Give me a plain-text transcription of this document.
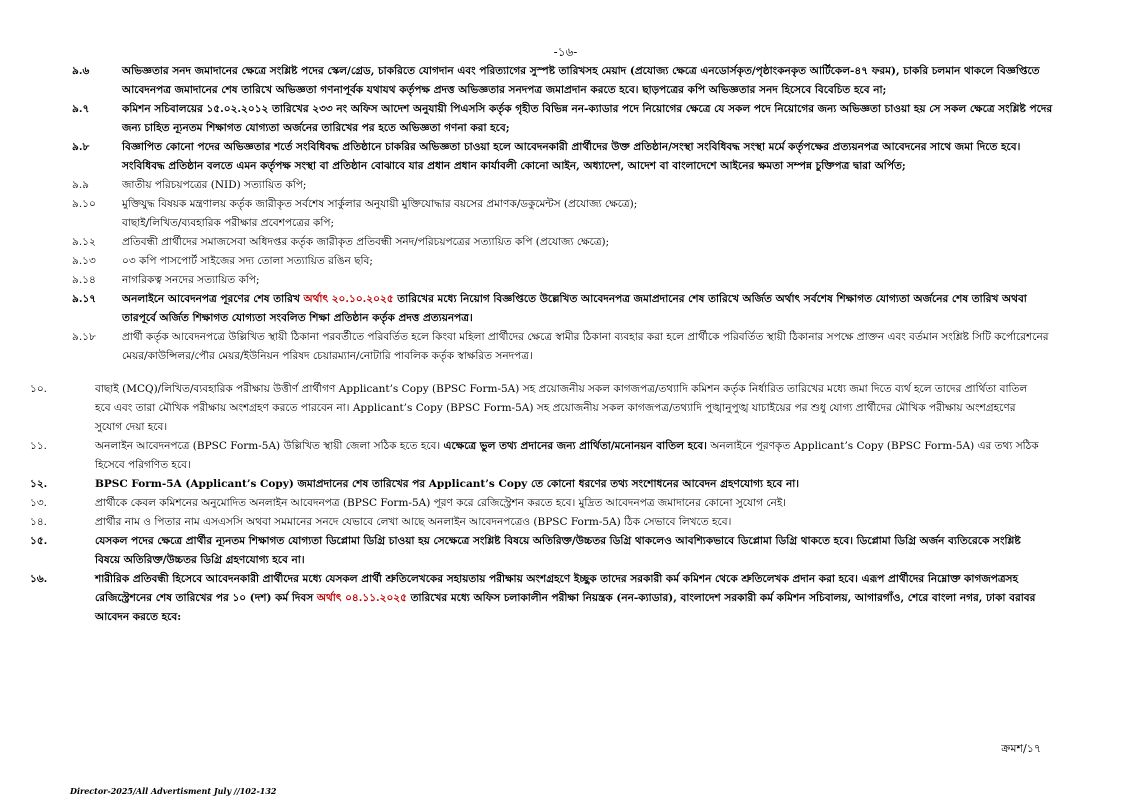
-১৬-
৯.৬	অভিজ্ঞতার সনদ জমাদানের ক্ষেত্রে সংশ্লিষ্ট পদের স্কেল/গ্রেড, চাকরিতে যোগদান এবং পরিত্যাগের সুস্পষ্ট তারিখসহ মেয়াদ (প্রযোজ্য ক্ষেত্রে এনডোর্সকৃত/পৃষ্ঠাংকনকৃত আর্টিকেল-৪৭ ফরম), চাকরি চলমান থাকলে বিজ্ঞপ্তিতে আবেদনপত্র জমাদানের শেষ তারিখে অভিজ্ঞতা গণনাপূর্বক যথাযথ কর্তৃপক্ষ প্রদত্ত অভিজ্ঞতার সনদপত্র জমাপ্রদান করতে হবে। ছাড়পত্রের কপি অভিজ্ঞতার সনদ হিসেবে বিবেচিত হবে না;
৯.৭	কমিশন সচিবালয়ের ১৫.০২.২০১২ তারিখের ২৩৩ নং অফিস আদেশ অনুযায়ী পিএসসি কর্তৃক গৃহীত বিভিন্ন নন-ক্যাডার পদে নিয়োগের ক্ষেত্রে যে সকল পদে নিয়োগের জন্য অভিজ্ঞতা চাওয়া হয় সে সকল ক্ষেত্রে সংশ্লিষ্ট পদের জন্য চাহিত ন্যূনতম শিক্ষাগত যোগ্যতা অর্জনের তারিখের পর হতে অভিজ্ঞতা গণনা করা হবে;
৯.৮	বিজ্ঞাপিত কোনো পদের অভিজ্ঞতার শর্তে সংবিধিবদ্ধ প্রতিষ্ঠানে চাকরির অভিজ্ঞতা চাওয়া হলে আবেদনকারী প্রার্থীদের উক্ত প্রতিষ্ঠান/সংস্থা সংবিধিবদ্ধ সংস্থা মর্মে কর্তৃপক্ষের প্রত্যয়নপত্র আবেদনের সাথে জমা দিতে হবে। সংবিধিবদ্ধ প্রতিষ্ঠান বলতে এমন কর্তৃপক্ষ সংস্থা বা প্রতিষ্ঠান বোঝাবে যার প্রধান প্রধান কার্যাবলী কোনো আইন, অধ্যাদেশ, আদেশ বা বাংলাদেশে আইনের ক্ষমতা সম্পন্ন চুক্তিপত্র দ্বারা অর্পিত;
৯.৯	জাতীয় পরিচয়পত্রের (NID) সত্যায়িত কপি;
৯.১০	মুক্তিযুদ্ধ বিষয়ক মন্ত্রণালয় কর্তৃক জারীকৃত সর্বশেষ সার্কুলার অনুযায়ী মুক্তিযোদ্ধার বয়সের প্রমাণক/ডকুমেন্টস (প্রযোজ্য ক্ষেত্রে);
বাছাই/লিখিত/ব্যবহারিক পরীক্ষার প্রবেশপত্রের কপি;
৯.১২	প্রতিবন্ধী প্রার্থীদের সমাজসেবা অধিদপ্তর কর্তৃক জারীকৃত প্রতিবন্ধী সনদ/পরিচয়পত্রের সত্যায়িত কপি (প্রযোজ্য ক্ষেত্রে);
৯.১৩	০৩ কপি পাসপোর্ট সাইজের সদ্য তোলা সত্যায়িত রঙিন ছবি;
৯.১৪	নাগরিকত্ব সনদের সত্যায়িত কপি;
৯.১৭	অনলাইনে আবেদনপত্র পূরণের শেষ তারিখ অর্থাৎ ২০.১০.২০২৫ তারিখের মধ্যে নিয়োগ বিজ্ঞপ্তিতে উল্লেখিত আবেদনপত্র জমাপ্রদানের শেষ তারিখে অর্জিত অর্থাৎ সর্বশেষ শিক্ষাগত যোগ্যতা অর্জনের শেষ তারিখ অথবা তারপূর্বে অর্জিত শিক্ষাগত যোগ্যতা সংবলিত শিক্ষা প্রতিষ্ঠান কর্তৃক প্রদত্ত প্রত্যয়নপত্র।
৯.১৮	প্রার্থী কর্তৃক আবেদনপত্রে উল্লিখিত স্থায়ী ঠিকানা পরবর্তীতে পরিবর্তিত হলে কিংবা মহিলা প্রার্থীদের ক্ষেত্রে স্বামীর ঠিকানা ব্যবহার করা হলে প্রার্থীকে পরিবর্তিত স্থায়ী ঠিকানার সপক্ষে প্রাক্তন এবং বর্তমান সংশ্লিষ্ট সিটি কর্পোরেশনের মেয়র/কাউন্সিলর/পৌর মেয়র/ইউনিয়ন পরিষদ চেয়ারম্যান/নোটারি পাবলিক কর্তৃক স্বাক্ষরিত সনদপত্র।
১০.	বাছাই (MCQ)/লিখিত/ব্যবহারিক পরীক্ষায় উত্তীর্ণ প্রার্থীগণ Applicant’s Copy (BPSC Form-5A) সহ প্রয়োজনীয় সকল কাগজপত্র/তথ্যাদি কমিশন কর্তৃক নির্ধারিত তারিখের মধ্যে জমা দিতে ব্যর্থ হলে তাদের প্রার্থিতা বাতিল হবে এবং তারা মৌখিক পরীক্ষায় অংশগ্রহণ করতে পারবেন না। Applicant’s Copy (BPSC Form-5A) সহ প্রয়োজনীয় সকল কাগজপত্র/তথ্যাদি পুঙ্খানুপুঙ্খ যাচাইয়ের পর শুধু যোগ্য প্রার্থীদের মৌখিক পরীক্ষায় অংশগ্রহণের সুযোগ দেয়া হবে।
১১.	অনলাইন আবেদনপত্রে (BPSC Form-5A) উল্লিখিত স্থায়ী জেলা সঠিক হতে হবে। এক্ষেত্রে ভুল তথ্য প্রদানের জন্য প্রার্থিতা/মনোনয়ন বাতিল হবে। অনলাইনে পূরণকৃত Applicant’s Copy (BPSC Form-5A) এর তথ্য সঠিক হিসেবে পরিগণিত হবে।
১২.	BPSC Form-5A (Applicant’s Copy) জমাপ্রদানের শেষ তারিখের পর Applicant’s Copy তে কোনো ধরণের তথ্য সংশোধনের আবেদন গ্রহণযোগ্য হবে না।
১৩.	প্রার্থীকে কেবল কমিশনের অনুমোদিত অনলাইন আবেদনপত্র (BPSC Form-5A) পূরণ করে রেজিস্ট্রেশন করতে হবে। মুদ্রিত আবেদনপত্র জমাদানের কোনো সুযোগ নেই।
১৪.	প্রার্থীর নাম ও পিতার নাম এসএসসি অথবা সমমানের সনদে যেভাবে লেখা আছে অনলাইন আবেদনপত্রেও (BPSC Form-5A) ঠিক সেভাবে লিখতে হবে।
১৫.	যেসকল পদের ক্ষেত্রে প্রার্থীর ন্যূনতম শিক্ষাগত যোগ্যতা ডিপ্লোমা ডিগ্রি চাওয়া হয় সেক্ষেত্রে সংশ্লিষ্ট বিষয়ে অতিরিক্ত/উচ্চতর ডিগ্রি থাকলেও আবশ্যিকভাবে ডিপ্লোমা ডিগ্রি থাকতে হবে। ডিপ্লোমা ডিগ্রি অর্জন ব্যতিরেকে সংশ্লিষ্ট বিষয়ে অতিরিক্ত/উচ্চতর ডিগ্রি গ্রহণযোগ্য হবে না।
১৬.	শারীরিক প্রতিবন্ধী হিসেবে আবেদনকারী প্রার্থীদের মধ্যে যেসকল প্রার্থী শ্রুতিলেখকের সহায়তায় পরীক্ষায় অংশগ্রহণে ইচ্ছুক তাদের সরকারী কর্ম কমিশন থেকে শ্রুতিলেখক প্রদান করা হবে। এরূপ প্রার্থীদের নিম্নোক্ত কাগজপত্রসহ রেজিস্ট্রেশনের শেষ তারিখের পর ১০ (দশ) কর্ম দিবস অর্থাৎ ০৪.১১.২০২৫ তারিখের মধ্যে অফিস চলাকালীন পরীক্ষা নিয়ন্ত্রক (নন-ক্যাডার), বাংলাদেশ সরকারী কর্ম কমিশন সচিবালয়, আগারগাঁও, শেরে বাংলা নগর, ঢাকা বরাবর আবেদন করতে হবে:
ক্রমশ/১৭
Director-2025/All Advertisment July //102-132
